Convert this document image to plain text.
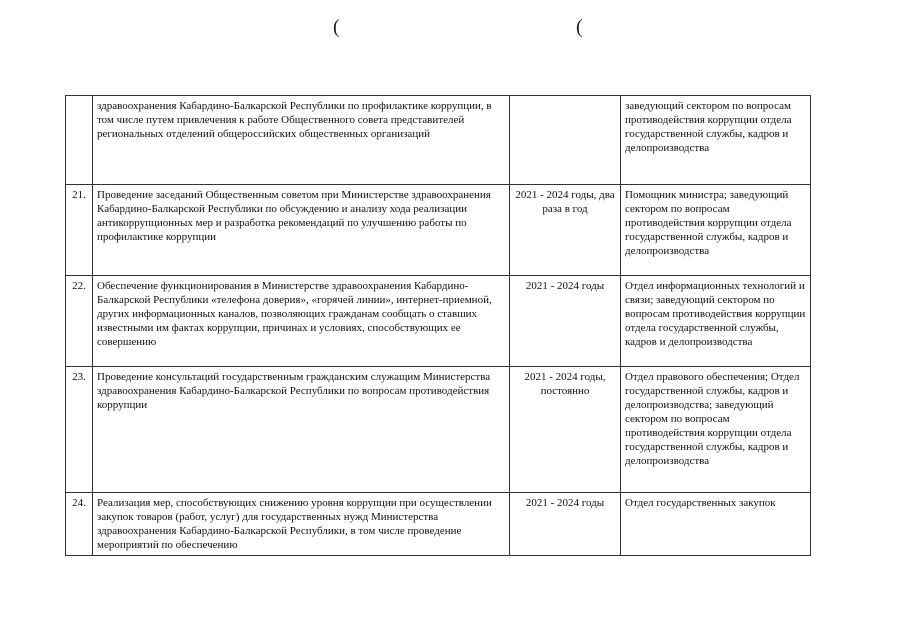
(	(
	здравоохранения Кабардино-Балкарской Республики по профилактике коррупции, в том числе путем привлечения к работе Общественного совета представителей региональных отделений общероссийских общественных организаций		заведующий сектором по вопросам противодействия коррупции отдела государственной службы, кадров и делопроизводства
21.	Проведение заседаний Общественным советом при Министерстве здравоохранения Кабардино-Балкарской Республики по обсуждению и анализу хода реализации антикоррупционных мер и разработка рекомендаций по улучшению работы по профилактике коррупции	2021 - 2024 годы, два раза в год	Помощник министра; заведующий сектором по вопросам противодействия коррупции отдела государственной службы, кадров и делопроизводства
22.	Обеспечение функционирования в Министерстве здравоохранения Кабардино-Балкарской Республики «телефона доверия», «горячей линии», интернет-приемной, других информационных каналов, позволяющих гражданам сообщать о ставших известными им фактах коррупции, причинах и условиях, способствующих ее совершению	2021 - 2024 годы	Отдел информационных технологий и связи; заведующий сектором по вопросам противодействия коррупции отдела государственной службы, кадров и делопроизводства
23.	Проведение консультаций государственным гражданским служащим Министерства здравоохранения Кабардино-Балкарской Республики по вопросам противодействия коррупции	2021 - 2024 годы, постоянно	Отдел правового обеспечения; Отдел государственной службы, кадров и делопроизводства; заведующий сектором по вопросам противодействия коррупции отдела государственной службы, кадров и делопроизводства
24.	Реализация мер, способствующих снижению уровня коррупции при осуществлении закупок товаров (работ, услуг) для государственных нужд Министерства здравоохранения Кабардино-Балкарской Республики, в том числе проведение мероприятий по обеспечению	2021 - 2024 годы	Отдел государственных закупок
